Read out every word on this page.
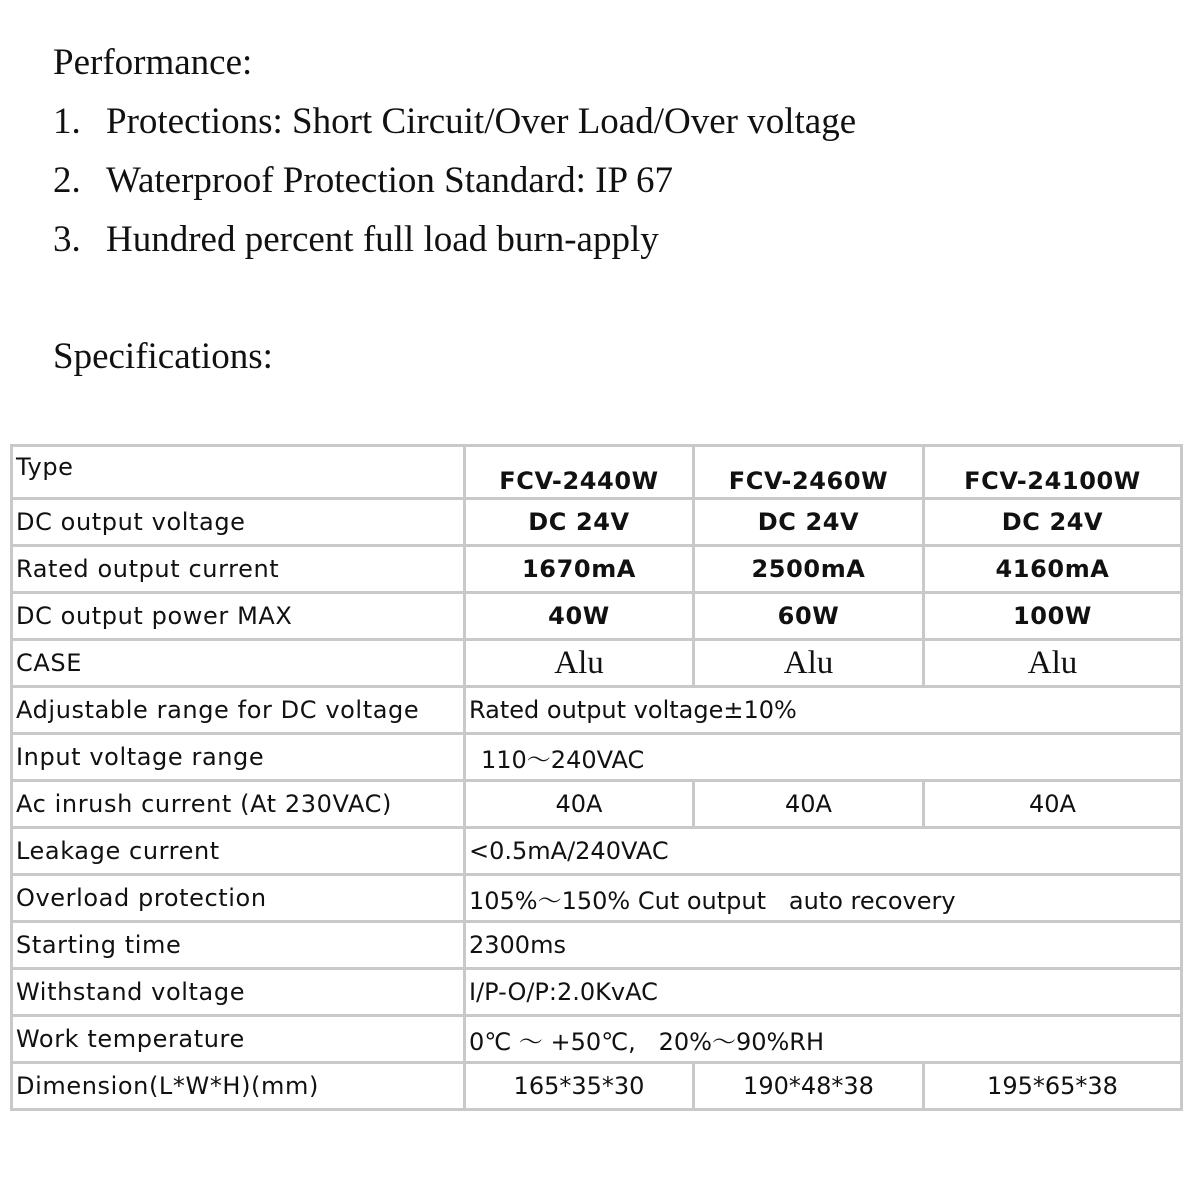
Performance:
1. Protections: Short Circuit/Over Load/Over voltage
2. Waterproof Protection Standard: IP 67
3. Hundred percent full load burn-apply
Specifications:
Type	FCV-2440W	FCV-2460W	FCV-24100W
DC output voltage	DC 24V	DC 24V	DC 24V
Rated output current	1670mA	2500mA	4160mA
DC output power MAX	40W	60W	100W
CASE	Alu	Alu	Alu
Adjustable range for DC voltage	Rated output voltage±10%		
Input voltage range	110～240VAC		
Ac inrush current (At 230VAC)	40A	40A	40A
Leakage current	<0.5mA/240VAC		
Overload protection	105%～150% Cut output   auto recovery		
Starting time	2300ms		
Withstand voltage	I/P-O/P:2.0KvAC		
Work temperature	0℃ ～ +50℃,   20%～90%RH		
Dimension(L*W*H)(mm)	165*35*30	190*48*38	195*65*38
